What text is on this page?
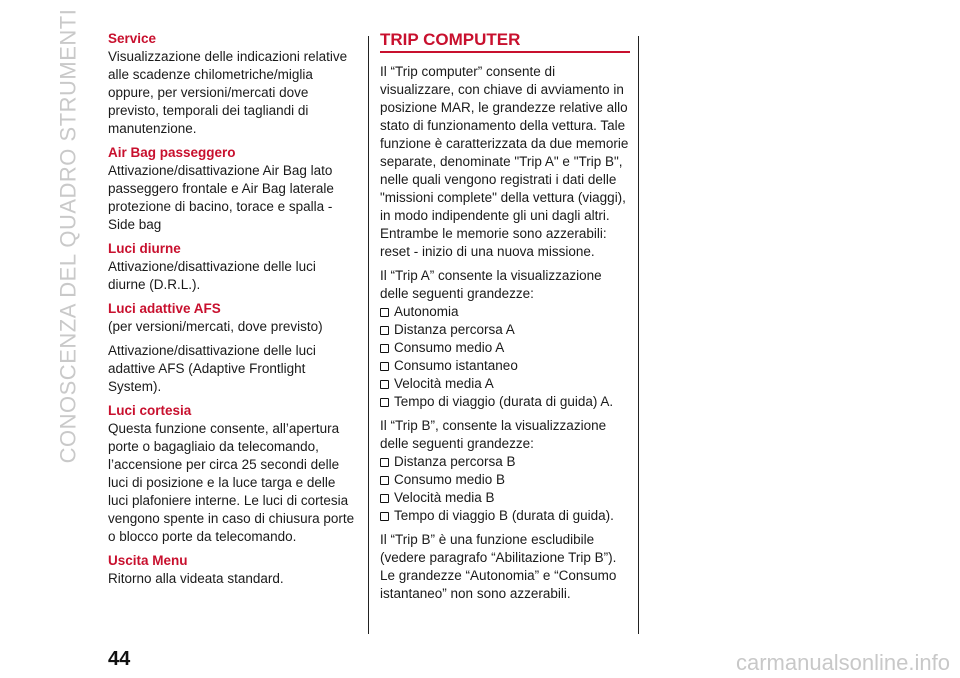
CONOSCENZA DEL QUADRO STRUMENTI Service

Visualizzazione delle indicazioni relative alle scadenze chilometriche/miglia oppure, per versioni/mercati dove previsto, temporali dei tagliandi di manutenzione.

Air Bag passeggero

Attivazione/disattivazione Air Bag lato passeggero frontale e Air Bag laterale protezione di bacino, torace e spalla - Side bag

Luci diurne

Attivazione/disattivazione delle luci diurne (D.R.L.).

Luci adattive AFS

(per versioni/mercati, dove previsto)

Attivazione/disattivazione delle luci adattive AFS (Adaptive Frontlight System).

Luci cortesia

Questa funzione consente, all’apertura porte o bagagliaio da telecomando, l’accensione per circa 25 secondi delle luci di posizione e la luce targa e delle luci plafoniere interne. Le luci di cortesia vengono spente in caso di chiusura porte o blocco porte da telecomando.

Uscita Menu

Ritorno alla videata standard.

TRIP COMPUTER

Il “Trip computer” consente di visualizzare, con chiave di avviamento in posizione MAR, le grandezze relative allo stato di funzionamento della vettura. Tale funzione è caratterizzata da due memorie separate, denominate "Trip A" e "Trip B", nelle quali vengono registrati i dati delle "missioni complete" della vettura (viaggi), in modo indipendente gli uni dagli altri. Entrambe le memorie sono azzerabili: reset - inizio di una nuova missione.

Il “Trip A” consente la visualizzazione delle seguenti grandezze:

Autonomia
Distanza percorsa A
Consumo medio A
Consumo istantaneo
Velocità media A
Tempo di viaggio (durata di guida) A.

Il “Trip B”, consente la visualizzazione delle seguenti grandezze:

Distanza percorsa B
Consumo medio B
Velocità media B
Tempo di viaggio B (durata di guida).

Il “Trip B” è una funzione escludibile (vedere paragrafo “Abilitazione Trip B”). Le grandezze “Autonomia” e “Consumo istantaneo” non sono azzerabili.

44	carmanualsonline.info
